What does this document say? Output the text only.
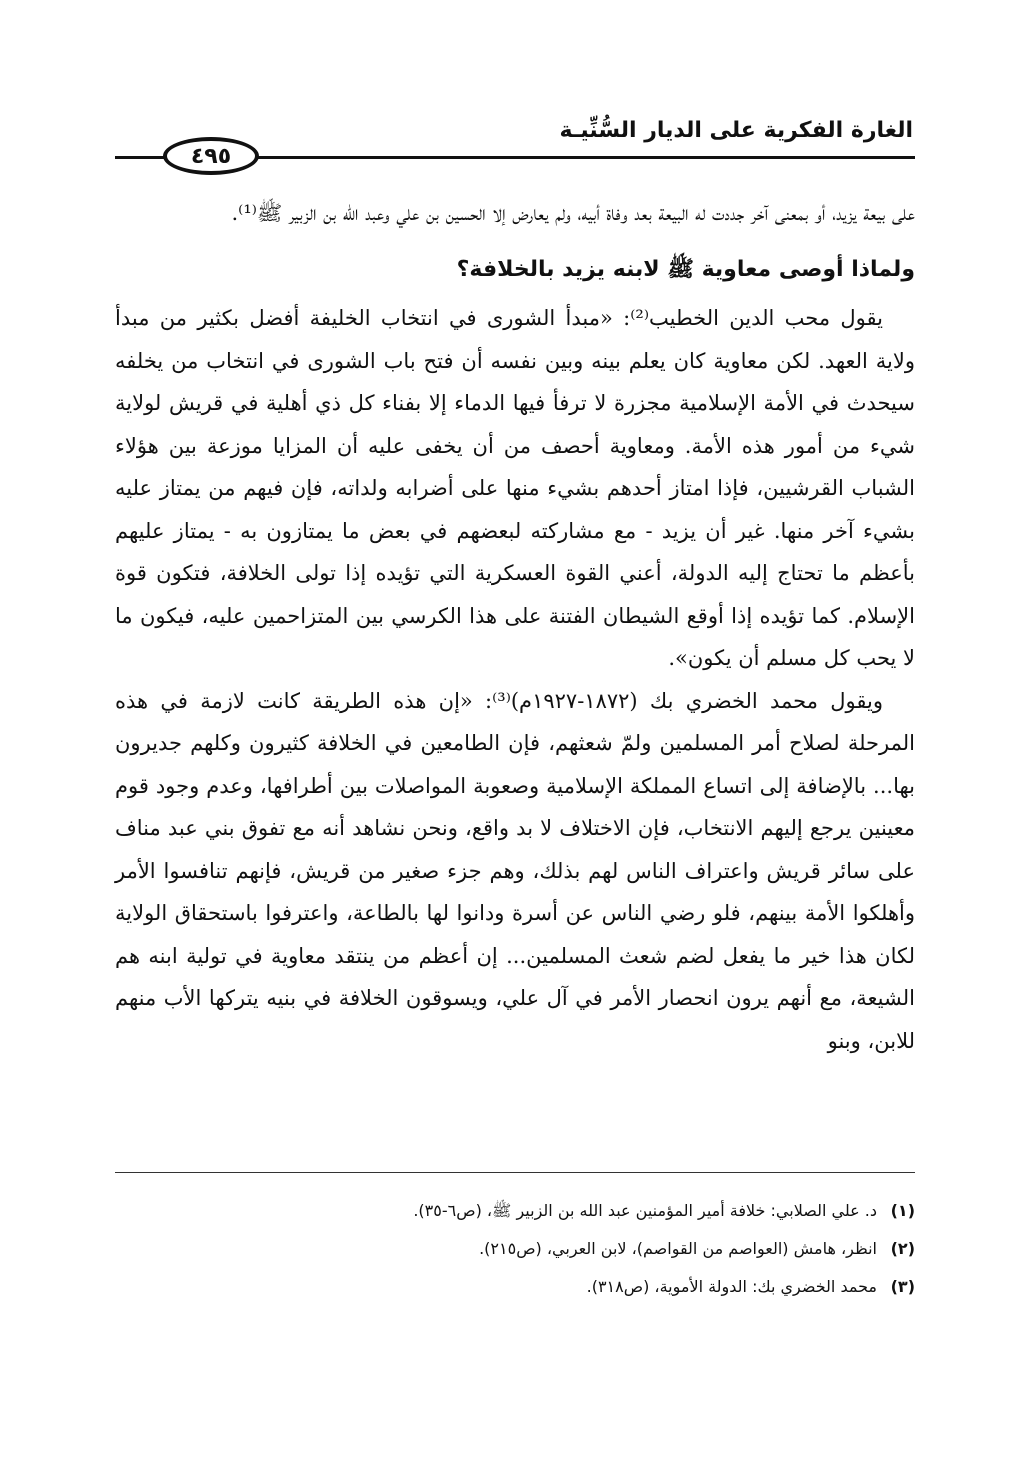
الغارة الفكرية على الديار السُّنِّيـة
٤٩٥

على بيعة يزيد، أو بمعنى آخر جددت له البيعة بعد وفاة أبيه، ولم يعارض إلا الحسين بن علي وعبد الله بن الزبير ﷺ⁽¹⁾.

ولماذا أوصى معاوية ﷺ لابنه يزيد بالخلافة؟

يقول محب الدين الخطيب⁽²⁾: «مبدأ الشورى في انتخاب الخليفة أفضل بكثير من مبدأ ولاية العهد. لكن معاوية كان يعلم بينه وبين نفسه أن فتح باب الشورى في انتخاب من يخلفه سيحدث في الأمة الإسلامية مجزرة لا ترفأ فيها الدماء إلا بفناء كل ذي أهلية في قريش لولاية شيء من أمور هذه الأمة. ومعاوية أحصف من أن يخفى عليه أن المزايا موزعة بين هؤلاء الشباب القرشيين، فإذا امتاز أحدهم بشيء منها على أضرابه ولداته، فإن فيهم من يمتاز عليه بشيء آخر منها. غير أن يزيد - مع مشاركته لبعضهم في بعض ما يمتازون به - يمتاز عليهم بأعظم ما تحتاج إليه الدولة، أعني القوة العسكرية التي تؤيده إذا تولى الخلافة، فتكون قوة الإسلام. كما تؤيده إذا أوقع الشيطان الفتنة على هذا الكرسي بين المتزاحمين عليه، فيكون ما لا يحب كل مسلم أن يكون».

ويقول محمد الخضري بك (١٨٧٢-١٩٢٧م)⁽³⁾: «إن هذه الطريقة كانت لازمة في هذه المرحلة لصلاح أمر المسلمين ولمّ شعثهم، فإن الطامعين في الخلافة كثيرون وكلهم جديرون بها... بالإضافة إلى اتساع المملكة الإسلامية وصعوبة المواصلات بين أطرافها، وعدم وجود قوم معينين يرجع إليهم الانتخاب، فإن الاختلاف لا بد واقع، ونحن نشاهد أنه مع تفوق بني عبد مناف على سائر قريش واعتراف الناس لهم بذلك، وهم جزء صغير من قريش، فإنهم تنافسوا الأمر وأهلكوا الأمة بينهم، فلو رضي الناس عن أسرة ودانوا لها بالطاعة، واعترفوا باستحقاق الولاية لكان هذا خير ما يفعل لضم شعث المسلمين... إن أعظم من ينتقد معاوية في تولية ابنه هم الشيعة، مع أنهم يرون انحصار الأمر في آل علي، ويسوقون الخلافة في بنيه يتركها الأب منهم للابن، وبنو

(١)د. علي الصلابي: خلافة أمير المؤمنين عبد الله بن الزبير ﷺ، (ص٦-٣٥).
(٢)انظر، هامش (العواصم من القواصم)، لابن العربي، (ص٢١٥).
(٣)محمد الخضري بك: الدولة الأموية، (ص٣١٨).
